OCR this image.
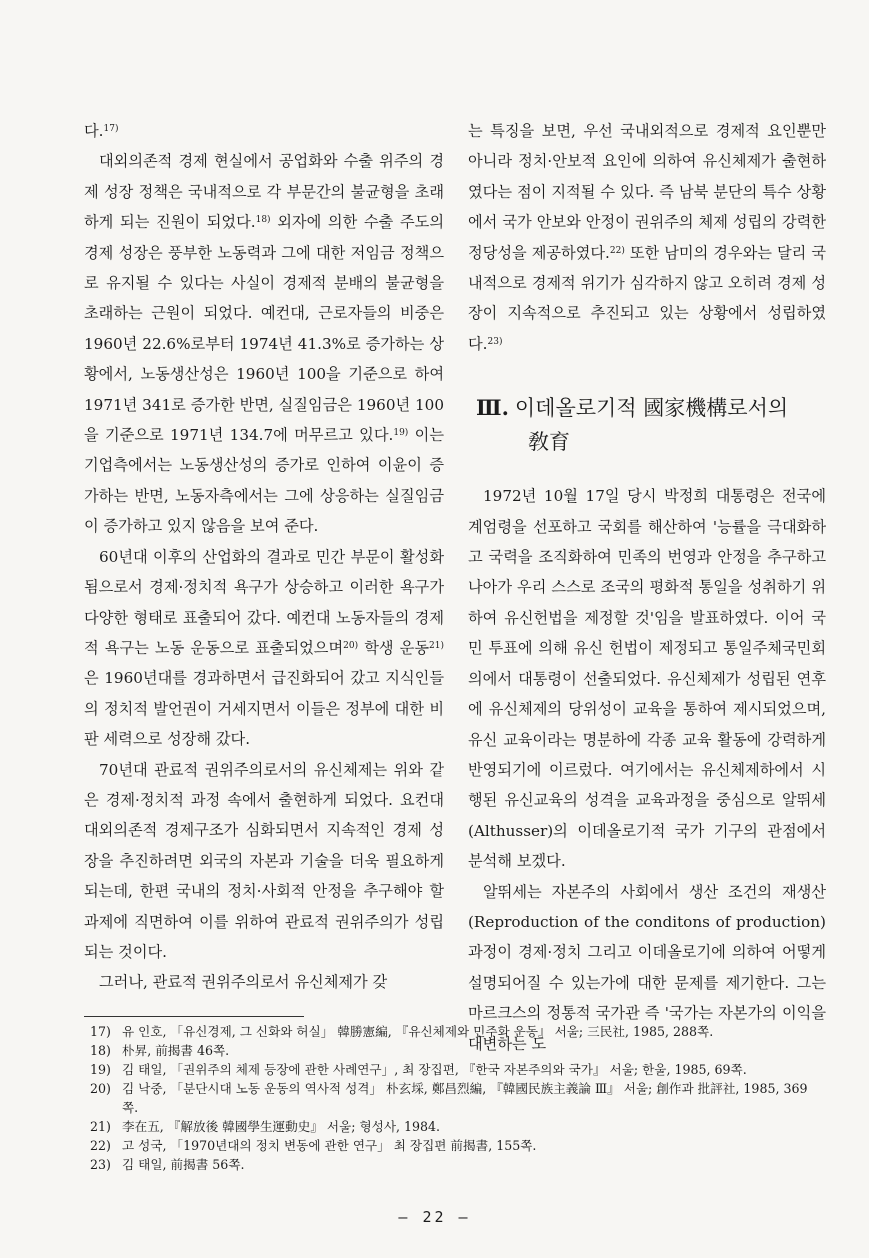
다.$^{17)}$

대외의존적 경제 현실에서 공업화와 수출 위주의 경제 성장 정책은 국내적으로 각 부문간의 불균형을 초래하게 되는 진원이 되었다.$^{18)}$ 외자에 의한 수출 주도의 경제 성장은 풍부한 노동력과 그에 대한 저임금 정책으로 유지될 수 있다는 사실이 경제적 분배의 불균형을 초래하는 근원이 되었다. 예컨대, 근로자들의 비중은 1960년 22.6%로부터 1974년 41.3%로 증가하는 상황에서, 노동생산성은 1960년 100을 기준으로 하여 1971년 341로 증가한 반면, 실질임금은 1960년 100을 기준으로 1971년 134.7에 머무르고 있다.$^{19)}$ 이는 기업측에서는 노동생산성의 증가로 인하여 이윤이 증가하는 반면, 노동자측에서는 그에 상응하는 실질임금이 증가하고 있지 않음을 보여 준다.

60년대 이후의 산업화의 결과로 민간 부문이 활성화됨으로서 경제·정치적 욕구가 상승하고 이러한 욕구가 다양한 형태로 표출되어 갔다. 예컨대 노동자들의 경제적 욕구는 노동 운동으로 표출되었으며$^{20)}$ 학생 운동$^{21)}$은 1960년대를 경과하면서 급진화되어 갔고 지식인들의 정치적 발언권이 거세지면서 이들은 정부에 대한 비판 세력으로 성장해 갔다.

70년대 관료적 권위주의로서의 유신체제는 위와 같은 경제·정치적 과정 속에서 출현하게 되었다. 요컨대 대외의존적 경제구조가 심화되면서 지속적인 경제 성장을 추진하려면 외국의 자본과 기술을 더욱 필요하게 되는데, 한편 국내의 정치·사회적 안정을 추구해야 할 과제에 직면하여 이를 위하여 관료적 권위주의가 성립되는 것이다.

그러나, 관료적 권위주의로서 유신체제가 갖

는 특징을 보면, 우선 국내외적으로 경제적 요인뿐만 아니라 정치·안보적 요인에 의하여 유신체제가 출현하였다는 점이 지적될 수 있다. 즉 남북 분단의 특수 상황에서 국가 안보와 안정이 권위주의 체제 성립의 강력한 정당성을 제공하였다.$^{22)}$ 또한 남미의 경우와는 달리 국내적으로 경제적 위기가 심각하지 않고 오히려 경제 성장이 지속적으로 추진되고 있는 상황에서 성립하였다.$^{23)}$

Ⅲ. 이데올로기적 國家機構로서의
敎育

1972년 10월 17일 당시 박정희 대통령은 전국에 계엄령을 선포하고 국회를 해산하여 '능률을 극대화하고 국력을 조직화하여 민족의 번영과 안정을 추구하고 나아가 우리 스스로 조국의 평화적 통일을 성취하기 위하여 유신헌법을 제정할 것'임을 발표하였다. 이어 국민 투표에 의해 유신 헌법이 제정되고 통일주체국민회의에서 대통령이 선출되었다. 유신체제가 성립된 연후에 유신체제의 당위성이 교육을 통하여 제시되었으며, 유신 교육이라는 명분하에 각종 교육 활동에 강력하게 반영되기에 이르렀다. 여기에서는 유신체제하에서 시행된 유신교육의 성격을 교육과정을 중심으로 알뛰세(Althusser)의 이데올로기적 국가 기구의 관점에서 분석해 보겠다.

알뛰세는 자본주의 사회에서 생산 조건의 재생산(Reproduction of the conditons of production) 과정이 경제·정치 그리고 이데올로기에 의하여 어떻게 설명되어질 수 있는가에 대한 문제를 제기한다. 그는 마르크스의 정통적 국가관 즉 '국가는 자본가의 이익을 대변하는 도

17) 유 인호, 「유신경제, 그 신화와 허실」 韓勝憲編, 『유신체제와 민주화 운동』 서울; 三民社, 1985, 288쪽.
18) 朴昇, 前揭書 46쪽.
19) 김 태일, 「권위주의 체제 등장에 관한 사례연구」, 최 장집편, 『한국 자본주의와 국가』 서울; 한울, 1985, 69쪽.
20) 김 낙중, 「분단시대 노동 운동의 역사적 성격」 朴玄埰, 鄭昌烈編, 『韓國民族主義論 Ⅲ』 서울; 創作과 批評社, 1985, 369쪽.
21) 李在五, 『解放後 韓國學生運動史』 서울; 형성사, 1984.
22) 고 성국, 「1970년대의 정치 변동에 관한 연구」 최 장집편 前揭書, 155쪽.
23) 김 태일, 前揭書 56쪽.
— 22 —
